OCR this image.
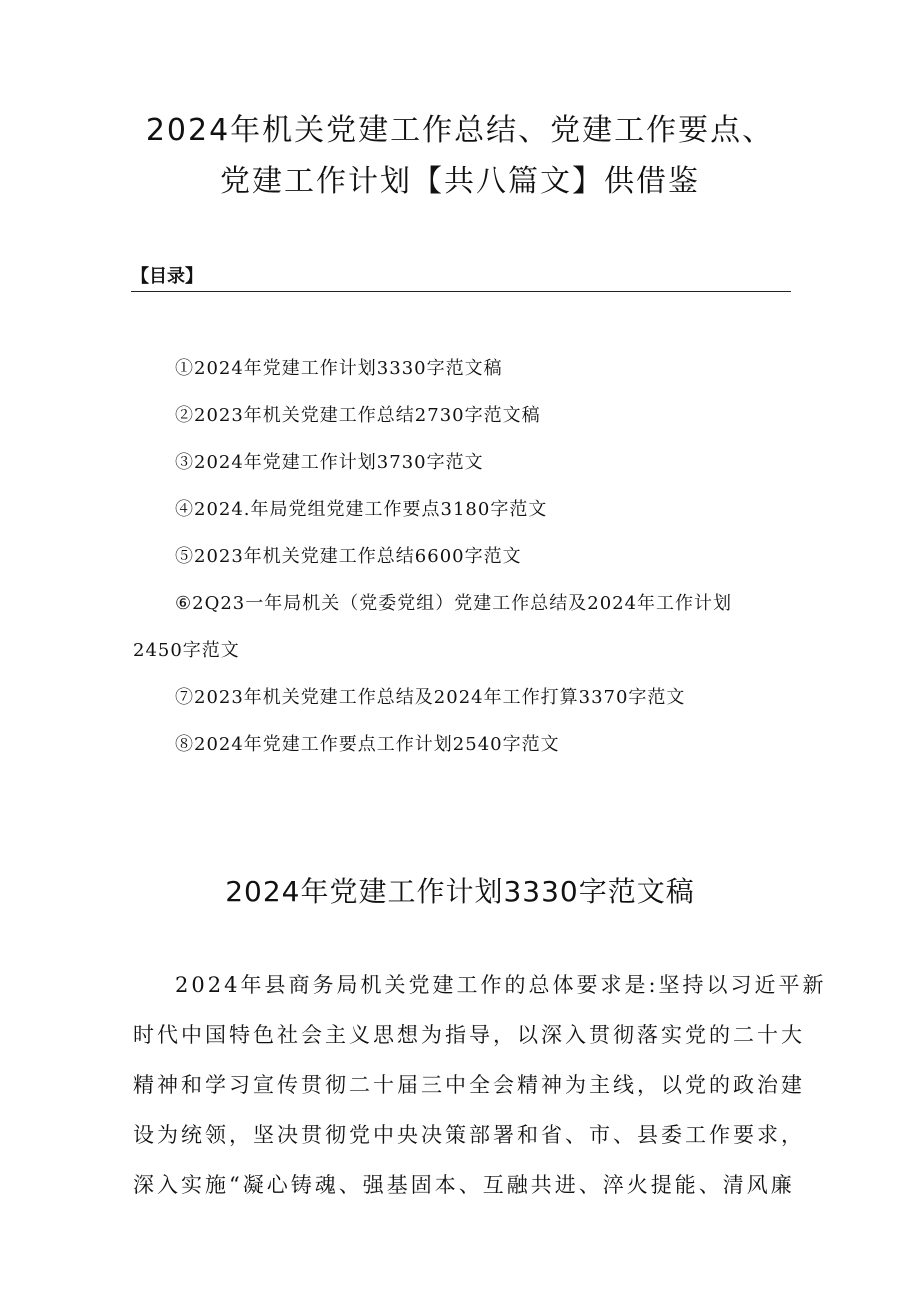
2024年机关党建工作总结、党建工作要点、
党建工作计划【共八篇文】供借鉴
【目录】
①2024年党建工作计划3330字范文稿
②2023年机关党建工作总结2730字范文稿
③2024年党建工作计划3730字范文
④2024.年局党组党建工作要点3180字范文
⑤2023年机关党建工作总结6600字范文
⑥2Q23一年局机关（党委党组）党建工作总结及2024年工作计划
2450字范文
⑦2023年机关党建工作总结及2024年工作打算3370字范文
⑧2024年党建工作要点工作计划2540字范文
2024年党建工作计划3330字范文稿
2024年县商务局机关党建工作的总体要求是:坚持以习近平新
时代中国特色社会主义思想为指导，以深入贯彻落实党的二十大
精神和学习宣传贯彻二十届三中全会精神为主线，以党的政治建
设为统领，坚决贯彻党中央决策部署和省、市、县委工作要求，
深入实施“凝心铸魂、强基固本、互融共进、淬火提能、清风廉
